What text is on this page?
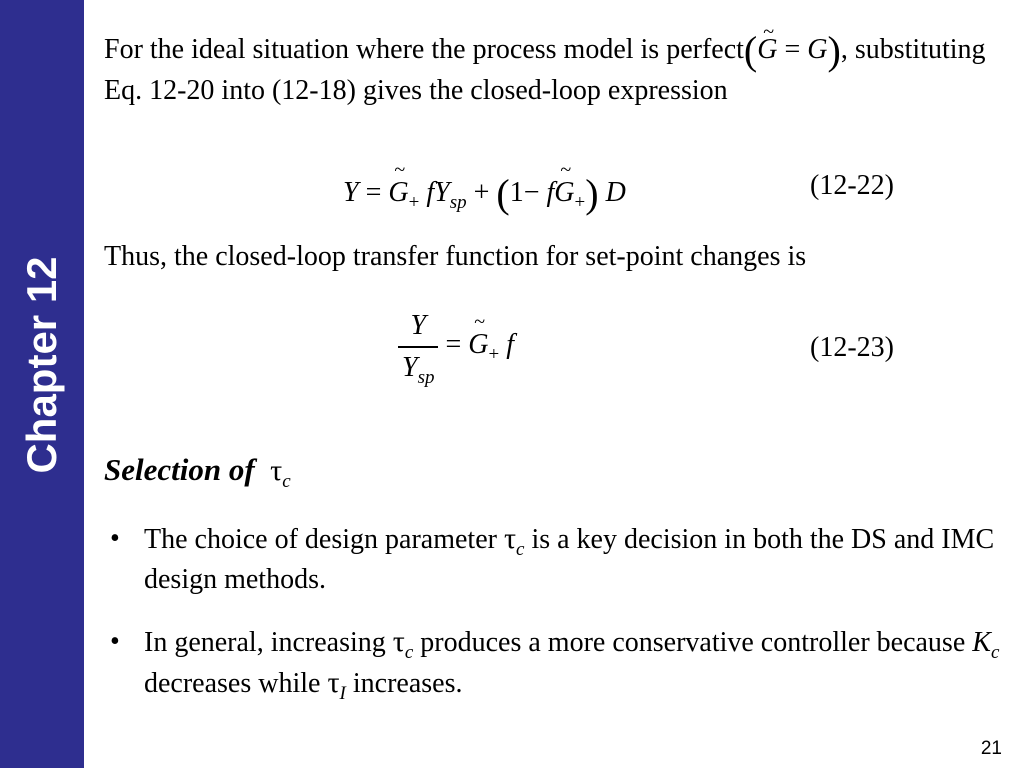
Chapter 12
For the ideal situation where the process model is perfect(~ G = G), substituting Eq. 12-20 into (12-18) gives the closed-loop expression
Y = ~ $G_+$ $fY_{sp} + (1-$ f~ $G_+$) D	(12-22)
Thus, the closed-loop transfer function for set-point changes is
$\frac{Y}{Y_{sp}}$ = ~ $G_+$ f	(12-23)
Selection of $\tau_c$
• The choice of design parameter $\tau_c$ is a key decision in both the DS and IMC design methods.
• In general, increasing $\tau_c$ produces a more conservative controller because $K_c$ decreases while $\tau_I$ increases.
21
